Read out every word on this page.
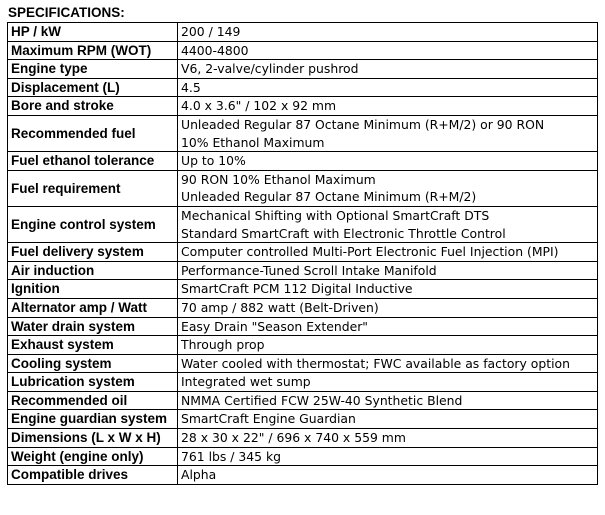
SPECIFICATIONS:
HP / kW	200 / 149
Maximum RPM (WOT)	4400-4800
Engine type	V6, 2-valve/cylinder pushrod
Displacement (L)	4.5
Bore and stroke	4.0 x 3.6" / 102 x 92 mm
Recommended fuel	Unleaded Regular 87 Octane Minimum (R+M/2) or 90 RON
10% Ethanol Maximum
Fuel ethanol tolerance	Up to 10%
Fuel requirement	90 RON 10% Ethanol Maximum
Unleaded Regular 87 Octane Minimum (R+M/2)
Engine control system	Mechanical Shifting with Optional SmartCraft DTS
Standard SmartCraft with Electronic Throttle Control
Fuel delivery system	Computer controlled Multi-Port Electronic Fuel Injection (MPI)
Air induction	Performance-Tuned Scroll Intake Manifold
Ignition	SmartCraft PCM 112 Digital Inductive
Alternator amp / Watt	70 amp / 882 watt (Belt-Driven)
Water drain system	Easy Drain "Season Extender"
Exhaust system	Through prop
Cooling system	Water cooled with thermostat; FWC available as factory option
Lubrication system	Integrated wet sump
Recommended oil	NMMA Certified FCW 25W-40 Synthetic Blend
Engine guardian system	SmartCraft Engine Guardian
Dimensions (L x W x H)	28 x 30 x 22" / 696 x 740 x 559 mm
Weight (engine only)	761 lbs / 345 kg
Compatible drives	Alpha
